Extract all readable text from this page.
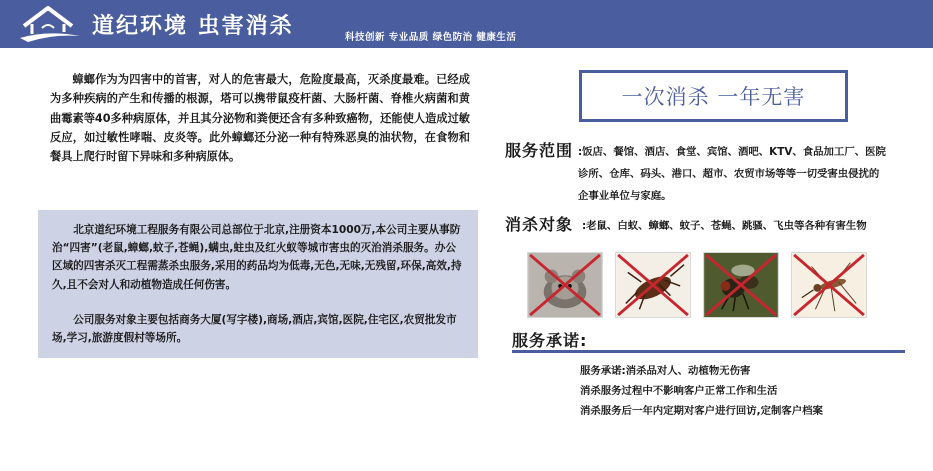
道纪环境 虫害消杀	科技创新 专业品质 绿色防治 健康生活

蟑螂作为为四害中的首害，对人的危害最大，危险度最高，灭杀度最难。已经成为多种疾病的产生和传播的根源，塔可以携带鼠疫杆菌、大肠杆菌、脊椎火病菌和黄曲霉素等40多种病原体，并且其分泌物和粪便还含有多种致癌物，还能使人造成过敏反应，如过敏性哮喘、皮炎等。此外蟑螂还分泌一种有特殊恶臭的油状物，在食物和餐具上爬行时留下异味和多种病原体。

北京道纪环境工程服务有限公司总部位于北京,注册资本1000万,本公司主要从事防治“四害”(老鼠,蟑螂,蚊子,苍蝇),螨虫,蛀虫及红火蚁等城市害虫的灭治消杀服务。办公区域的四害杀灭工程需蒸杀虫服务,采用的药品均为低毒,无色,无味,无残留,环保,高效,持久,且不会对人和动植物造成任何伤害。

公司服务对象主要包括商务大厦(写字楼),商场,酒店,宾馆,医院,住宅区,农贸批发市场,学习,旅游度假村等场所。

一次消杀 一年无害
服务范围 :饭店、餐馆、酒店、食堂、宾馆、酒吧、KTV、食品加工厂、医院诊所、仓库、码头、港口、超市、农贸市场等等一切受害虫侵扰的企事业单位与家庭。

消杀对象 :老鼠、白蚁、蟑螂、蚊子、苍蝇、跳骚、飞虫等各种有害生物
服务承诺:
服务承诺:消杀品对人、动植物无伤害
消杀服务过程中不影响客户正常工作和生活
消杀服务后一年内定期对客户进行回访,定制客户档案
